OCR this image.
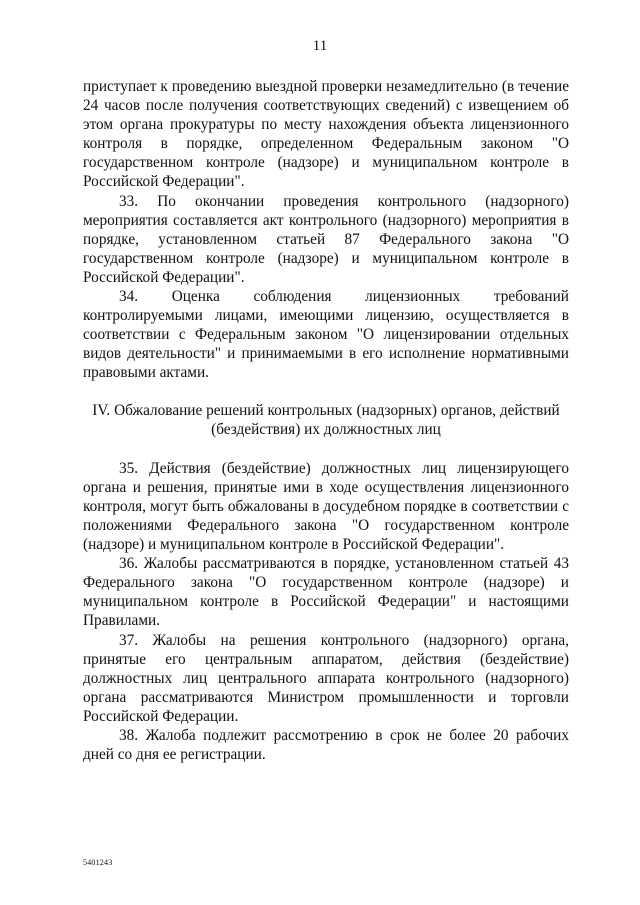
11

приступает к проведению выездной проверки незамедлительно (в течение 24 часов после получения соответствующих сведений) с извещением об этом органа прокуратуры по месту нахождения объекта лицензионного контроля в порядке, определенном Федеральным законом "О государственном контроле (надзоре) и муниципальном контроле в Российской Федерации".

33. По окончании проведения контрольного (надзорного) мероприятия составляется акт контрольного (надзорного) мероприятия в порядке, установленном статьей 87 Федерального закона "О государственном контроле (надзоре) и муниципальном контроле в Российской Федерации".

34. Оценка соблюдения лицензионных требований контролируемыми лицами, имеющими лицензию, осуществляется в соответствии с Федеральным законом "О лицензировании отдельных видов деятельности" и принимаемыми в его исполнение нормативными правовыми актами.

IV. Обжалование решений контрольных (надзорных) органов, действий (бездействия) их должностных лиц

35. Действия (бездействие) должностных лиц лицензирующего органа и решения, принятые ими в ходе осуществления лицензионного контроля, могут быть обжалованы в досудебном порядке в соответствии с положениями Федерального закона "О государственном контроле (надзоре) и муниципальном контроле в Российской Федерации".

36. Жалобы рассматриваются в порядке, установленном статьей 43 Федерального закона "О государственном контроле (надзоре) и муниципальном контроле в Российской Федерации" и настоящими Правилами.

37. Жалобы на решения контрольного (надзорного) органа, принятые его центральным аппаратом, действия (бездействие) должностных лиц центрального аппарата контрольного (надзорного) органа рассматриваются Министром промышленности и торговли Российской Федерации.

38. Жалоба подлежит рассмотрению в срок не более 20 рабочих дней со дня ее регистрации.

5401243
